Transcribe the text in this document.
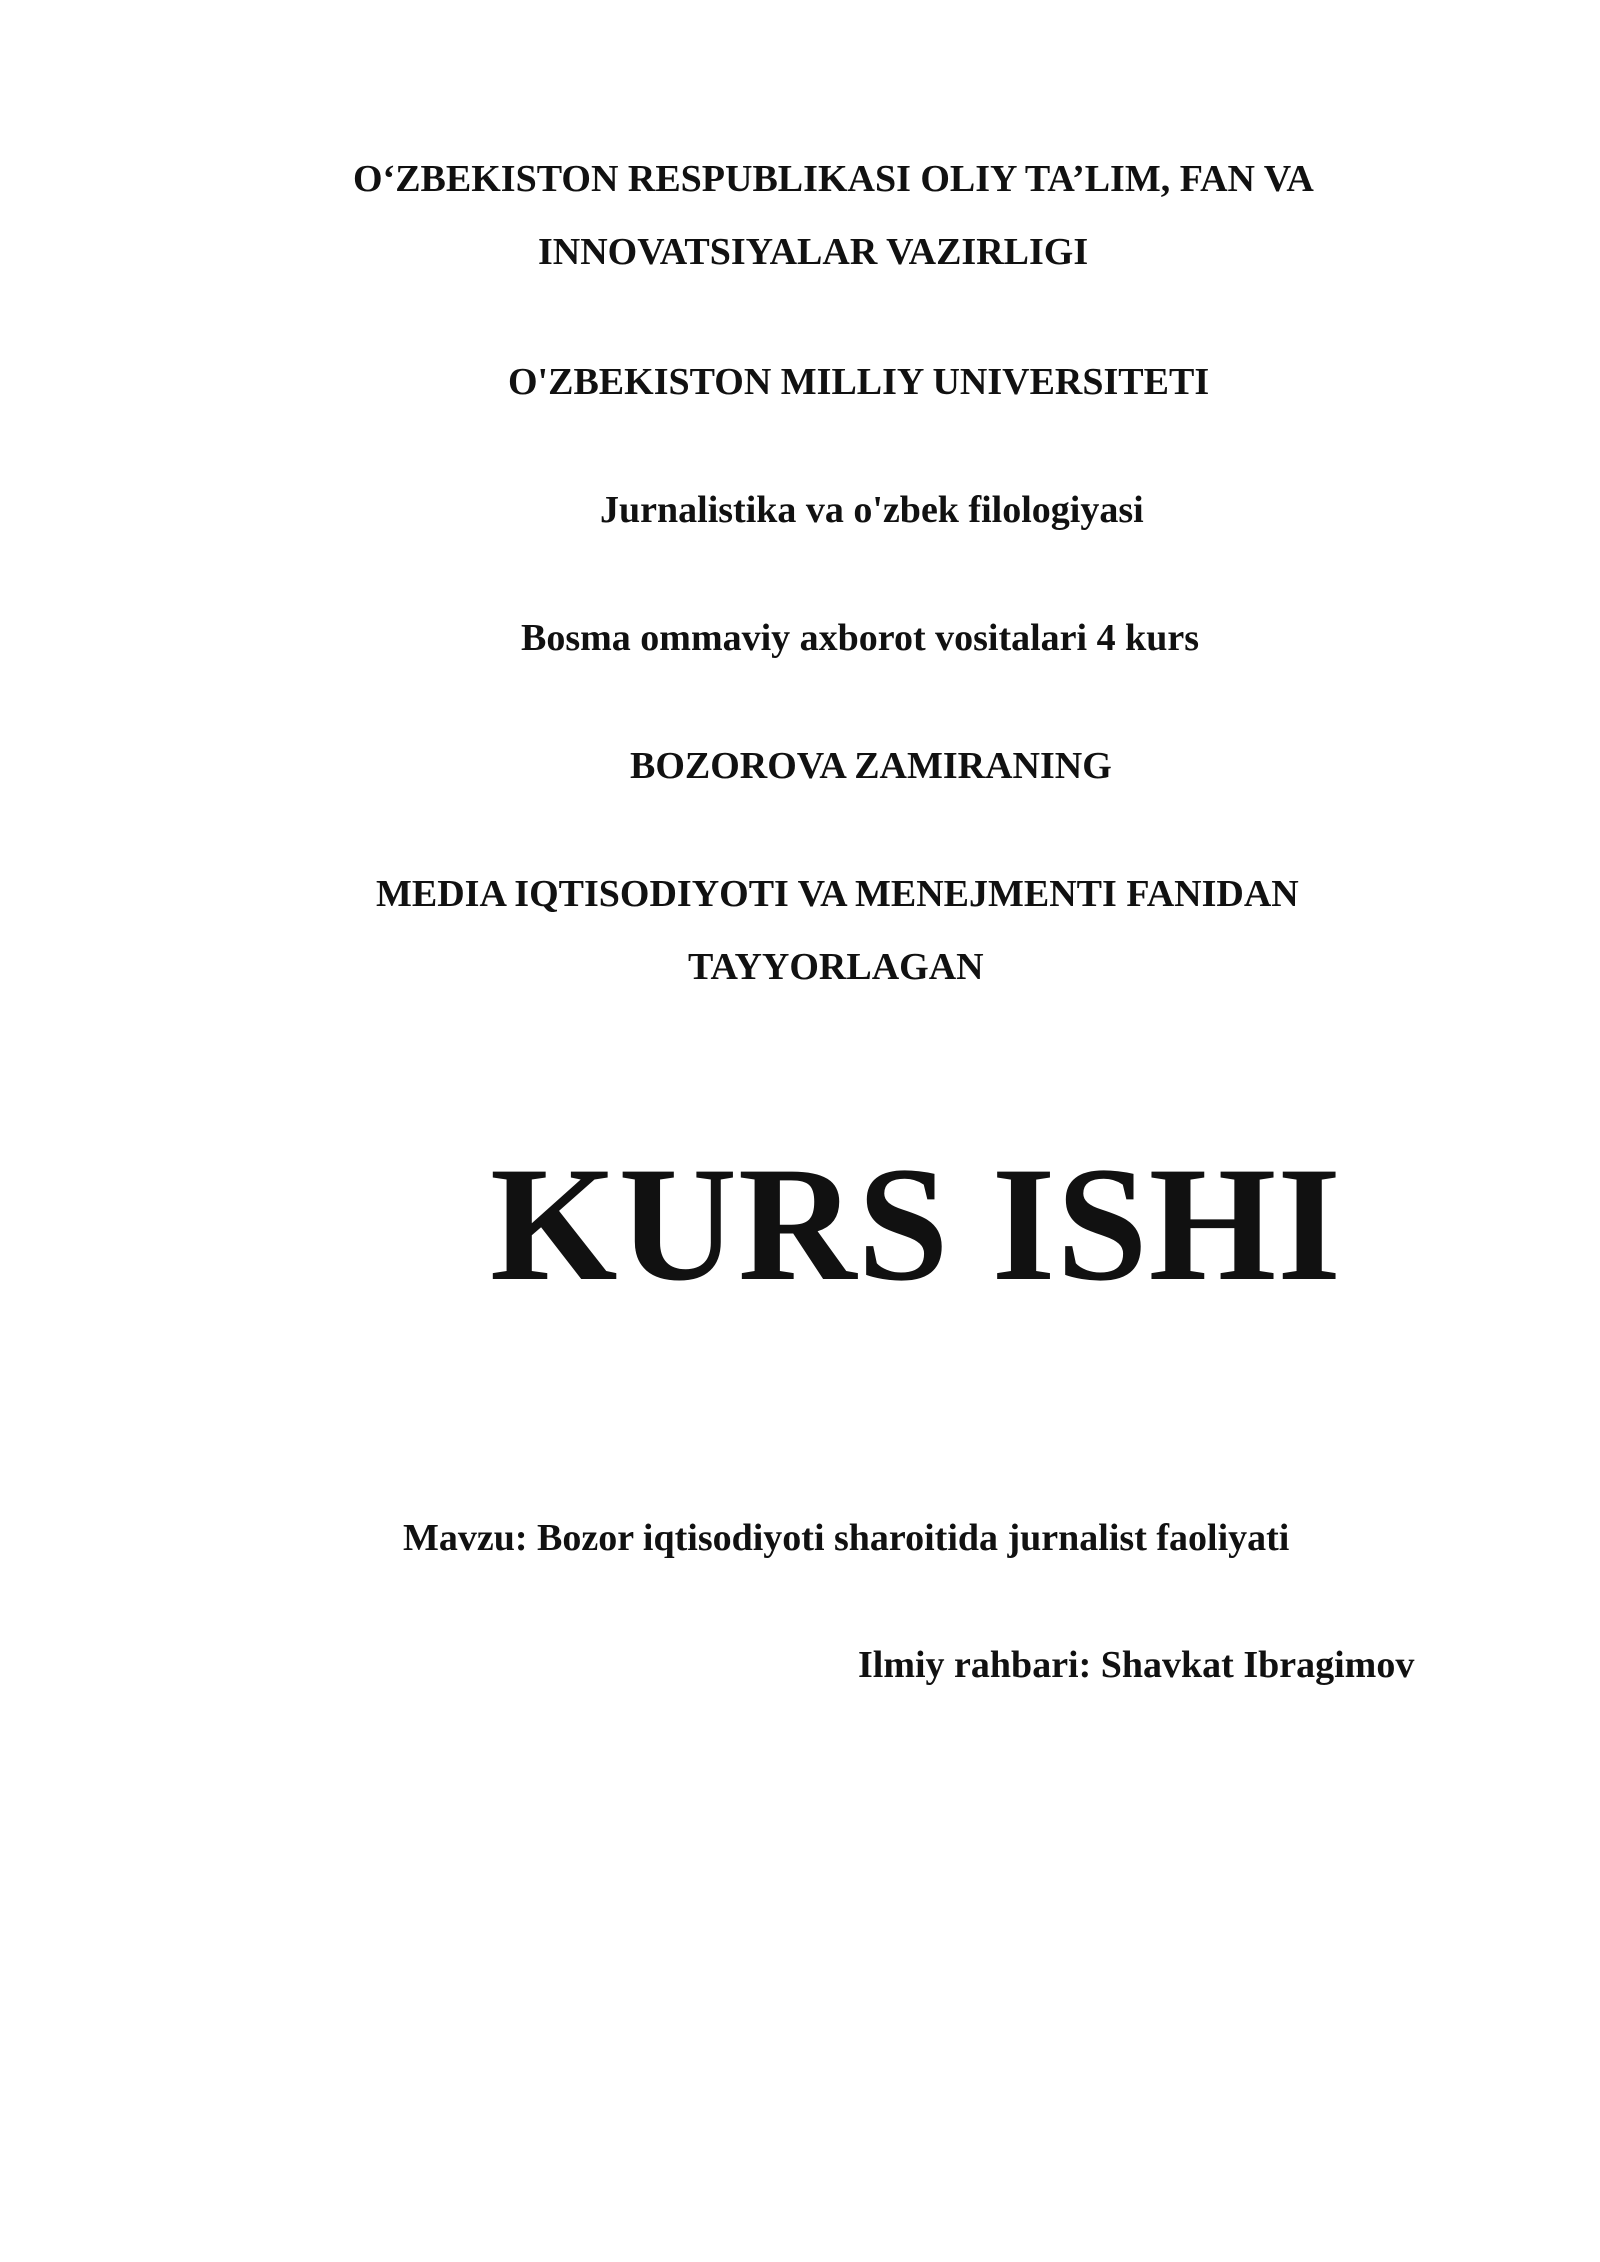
O‘ZBEKISTON RESPUBLIKASI OLIY TA’LIM, FAN VA
INNOVATSIYALAR VAZIRLIGI
O'ZBEKISTON MILLIY UNIVERSITETI
Jurnalistika va o'zbek filologiyasi
Bosma ommaviy axborot vositalari 4 kurs
BOZOROVA ZAMIRANING
MEDIA IQTISODIYOTI VA MENEJMENTI FANIDAN
TAYYORLAGAN
KURS ISHI
Mavzu: Bozor iqtisodiyoti sharoitida jurnalist faoliyati
Ilmiy rahbari: Shavkat Ibragimov
